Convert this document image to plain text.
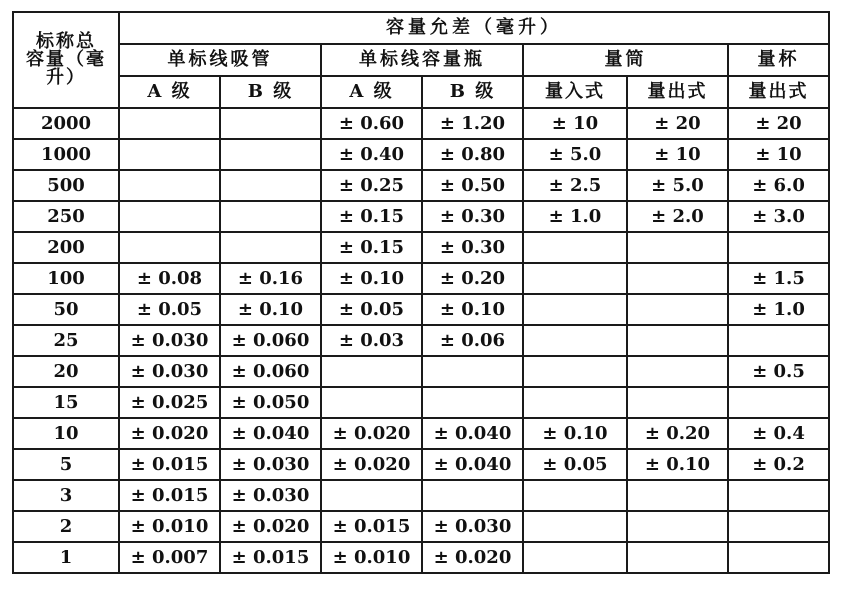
标称总
容量（毫
升）	容量允差（毫升）						
	单标线吸管		单标线容量瓶		量筒		量杯
	A 级	B 级	A 级	B 级	量入式	量出式	量出式
2000			± 0.60	± 1.20	± 10	± 20	± 20
1000			± 0.40	± 0.80	± 5.0	± 10	± 10
500			± 0.25	± 0.50	± 2.5	± 5.0	± 6.0
250			± 0.15	± 0.30	± 1.0	± 2.0	± 3.0
200			± 0.15	± 0.30			
100	± 0.08	± 0.16	± 0.10	± 0.20			± 1.5
50	± 0.05	± 0.10	± 0.05	± 0.10			± 1.0
25	± 0.030	± 0.060	± 0.03	± 0.06			
20	± 0.030	± 0.060					± 0.5
15	± 0.025	± 0.050					
10	± 0.020	± 0.040	± 0.020	± 0.040	± 0.10	± 0.20	± 0.4
5	± 0.015	± 0.030	± 0.020	± 0.040	± 0.05	± 0.10	± 0.2
3	± 0.015	± 0.030					
2	± 0.010	± 0.020	± 0.015	± 0.030			
1	± 0.007	± 0.015	± 0.010	± 0.020			
